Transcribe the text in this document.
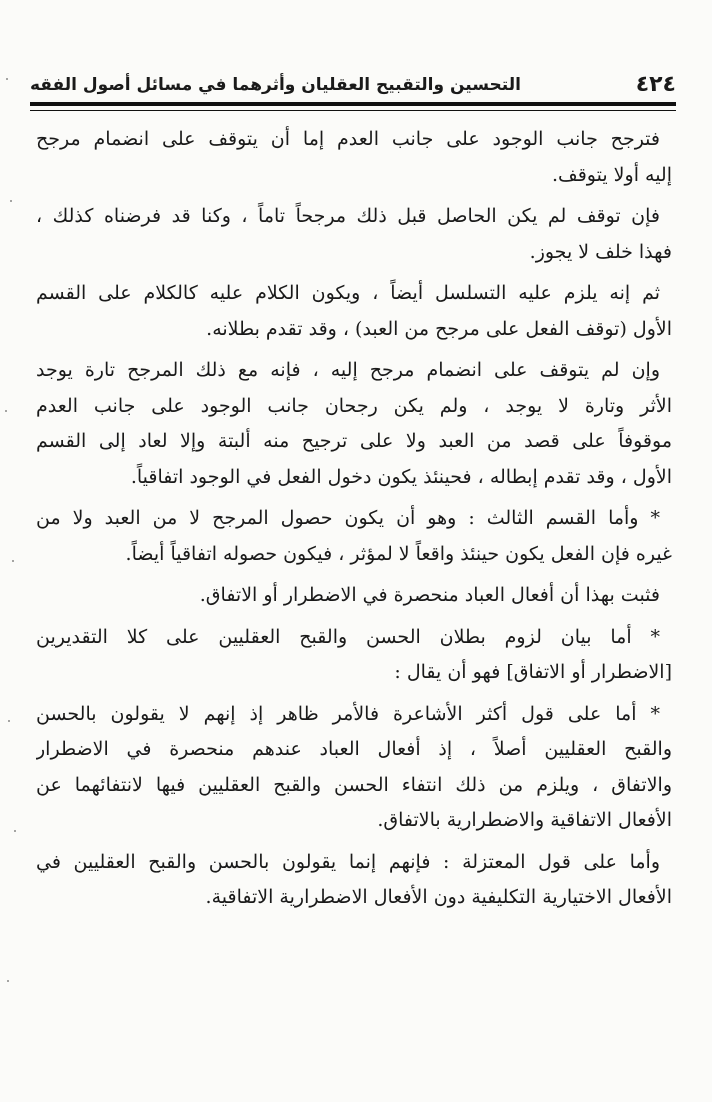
٤٢٤
التحسين والتقبيح العقليان وأثرهما في مسائل أصول الفقه
فترجح جانب الوجود على جانب العدم إما أن يتوقف على انضمام مرجح
إليه أولا يتوقف.
فإن توقف لم يكن الحاصل قبل ذلك مرجحاً تاماً ، وكنا قد فرضناه كذلك ،
فهذا خلف لا يجوز.
ثم إنه يلزم عليه التسلسل أيضاً ، ويكون الكلام عليه كالكلام على القسم
الأول (توقف الفعل على مرجح من العبد) ، وقد تقدم بطلانه.
وإن لم يتوقف على انضمام مرجح إليه ، فإنه مع ذلك المرجح تارة يوجد
الأثر وتارة لا يوجد ، ولم يكن رجحان جانب الوجود على جانب العدم
موقوفاً على قصد من العبد ولا على ترجيح منه ألبتة وإلا لعاد إلى القسم
الأول ، وقد تقدم إبطاله ، فحينئذ يكون دخول الفعل في الوجود اتفاقياً.
* وأما القسم الثالث : وهو أن يكون حصول المرجح لا من العبد ولا من
غيره فإن الفعل يكون حينئذ واقعاً لا لمؤثر ، فيكون حصوله اتفاقياً أيضاً.
فثبت بهذا أن أفعال العباد منحصرة في الاضطرار أو الاتفاق.
* أما بيان لزوم بطلان الحسن والقبح العقليين على كلا التقديرين
[الاضطرار أو الاتفاق] فهو أن يقال :
* أما على قول أكثر الأشاعرة فالأمر ظاهر إذ إنهم لا يقولون بالحسن
والقبح العقليين أصلاً ، إذ أفعال العباد عندهم منحصرة في الاضطرار
والاتفاق ، ويلزم من ذلك انتفاء الحسن والقبح العقليين فيها لانتفائهما عن
الأفعال الاتفاقية والاضطرارية بالاتفاق.
وأما على قول المعتزلة : فإنهم إنما يقولون بالحسن والقبح العقليين في
الأفعال الاختيارية التكليفية دون الأفعال الاضطرارية الاتفاقية.
